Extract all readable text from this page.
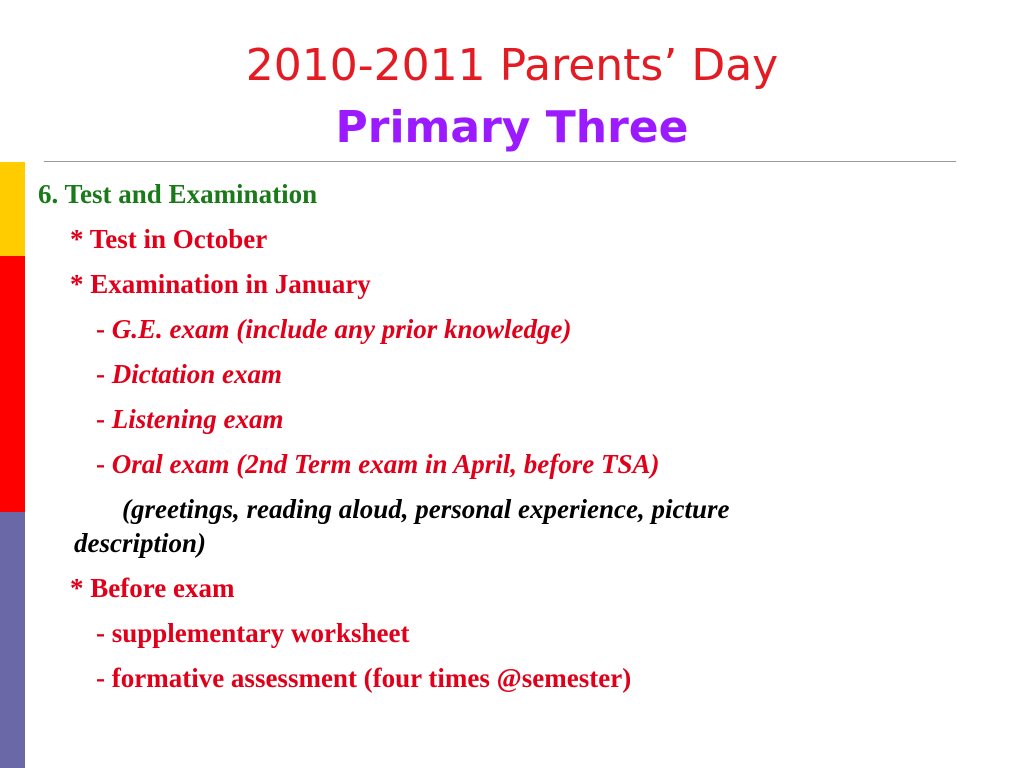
2010-2011 Parents’ Day
Primary Three
6. Test and Examination
* Test in October
* Examination in January
- G.E. exam (include any prior knowledge)
- Dictation exam
- Listening exam
- Oral exam (2nd Term exam in April, before TSA)
(greetings, reading aloud, personal experience, picture
description)
* Before exam
- supplementary worksheet
- formative assessment (four times @semester)
